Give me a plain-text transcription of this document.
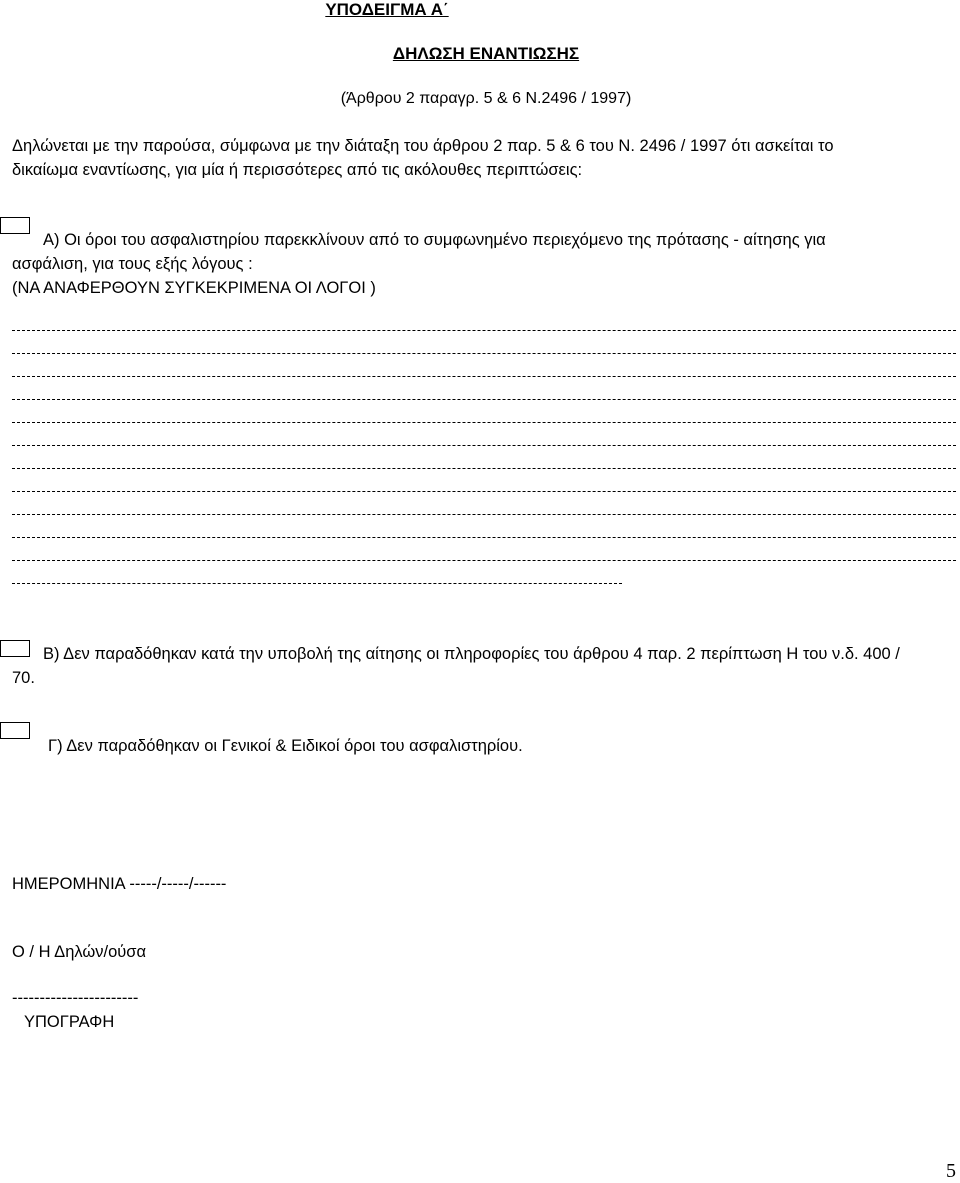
ΥΠΟΔΕΙΓΜΑ Α΄
ΔΗΛΩΣΗ ΕΝΑΝΤΙΩΣΗΣ
(Άρθρου 2 παραγρ. 5 & 6 Ν.2496 / 1997)
Δηλώνεται με την παρούσα, σύμφωνα με την διάταξη του άρθρου 2 παρ. 5 & 6 του Ν. 2496 / 1997 ότι ασκείται το
δικαίωμα εναντίωσης, για μία ή περισσότερες από τις ακόλουθες περιπτώσεις:
Α) Οι όροι του ασφαλιστηρίου παρεκκλίνουν από το συμφωνημένο περιεχόμενο της πρότασης - αίτησης για
ασφάλιση, για τους εξής λόγους :
(ΝΑ ΑΝΑΦΕΡΘΟΥΝ ΣΥΓΚΕΚΡΙΜΕΝΑ ΟΙ ΛΟΓΟΙ )
Β) Δεν παραδόθηκαν κατά την υποβολή της αίτησης οι πληροφορίες του άρθρου 4 παρ. 2 περίπτωση Η του ν.δ. 400 /
70.
Γ) Δεν παραδόθηκαν οι Γενικοί & Ειδικοί όροι του ασφαλιστηρίου.
ΗΜΕΡΟΜΗΝΙΑ -----/-----/------
Ο / Η Δηλών/ούσα
-----------------------
ΥΠΟΓΡΑΦΗ
5
